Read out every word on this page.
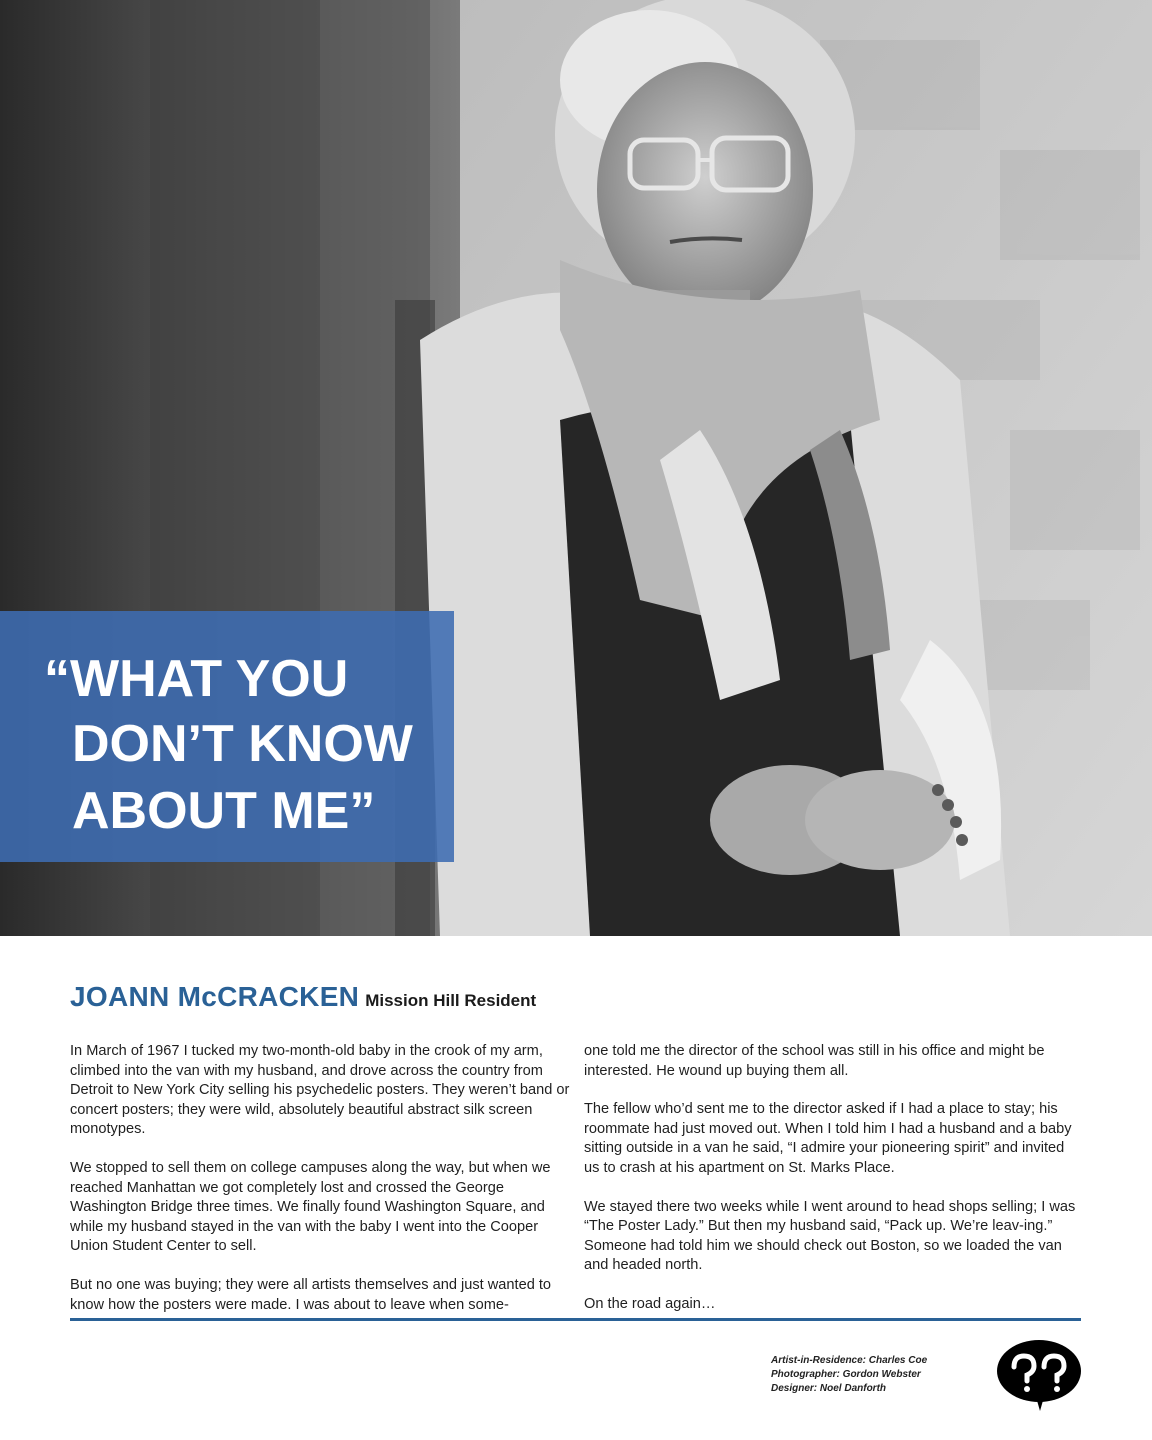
“WHAT YOU
DON’T KNOW
ABOUT ME”
JOANN McCRACKEN Mission Hill Resident

In March of 1967 I tucked my two-month-old baby in the crook of my arm, climbed into the van with my husband, and drove across the country from Detroit to New York City selling his psychedelic posters. They weren’t band or concert posters; they were wild, absolutely beautiful abstract silk screen monotypes.

We stopped to sell them on college campuses along the way, but when we reached Manhattan we got completely lost and crossed the George Washington Bridge three times. We finally found Washington Square, and while my husband stayed in the van with the baby I went into the Cooper Union Student Center to sell.

But no one was buying; they were all artists themselves and just wanted to know how the posters were made. I was about to leave when some-

one told me the director of the school was still in his office and might be interested. He wound up buying them all.

The fellow who’d sent me to the director asked if I had a place to stay; his roommate had just moved out. When I told him I had a husband and a baby sitting outside in a van he said, “I admire your pioneering spirit” and invited us to crash at his apartment on St. Marks Place.

We stayed there two weeks while I went around to head shops selling; I was “The Poster Lady.” But then my husband said, “Pack up. We’re leav-ing.” Someone had told him we should check out Boston, so we loaded the van and headed north.

On the road again…

Artist-in-Residence: Charles Coe
Photographer: Gordon Webster
Designer: Noel Danforth
